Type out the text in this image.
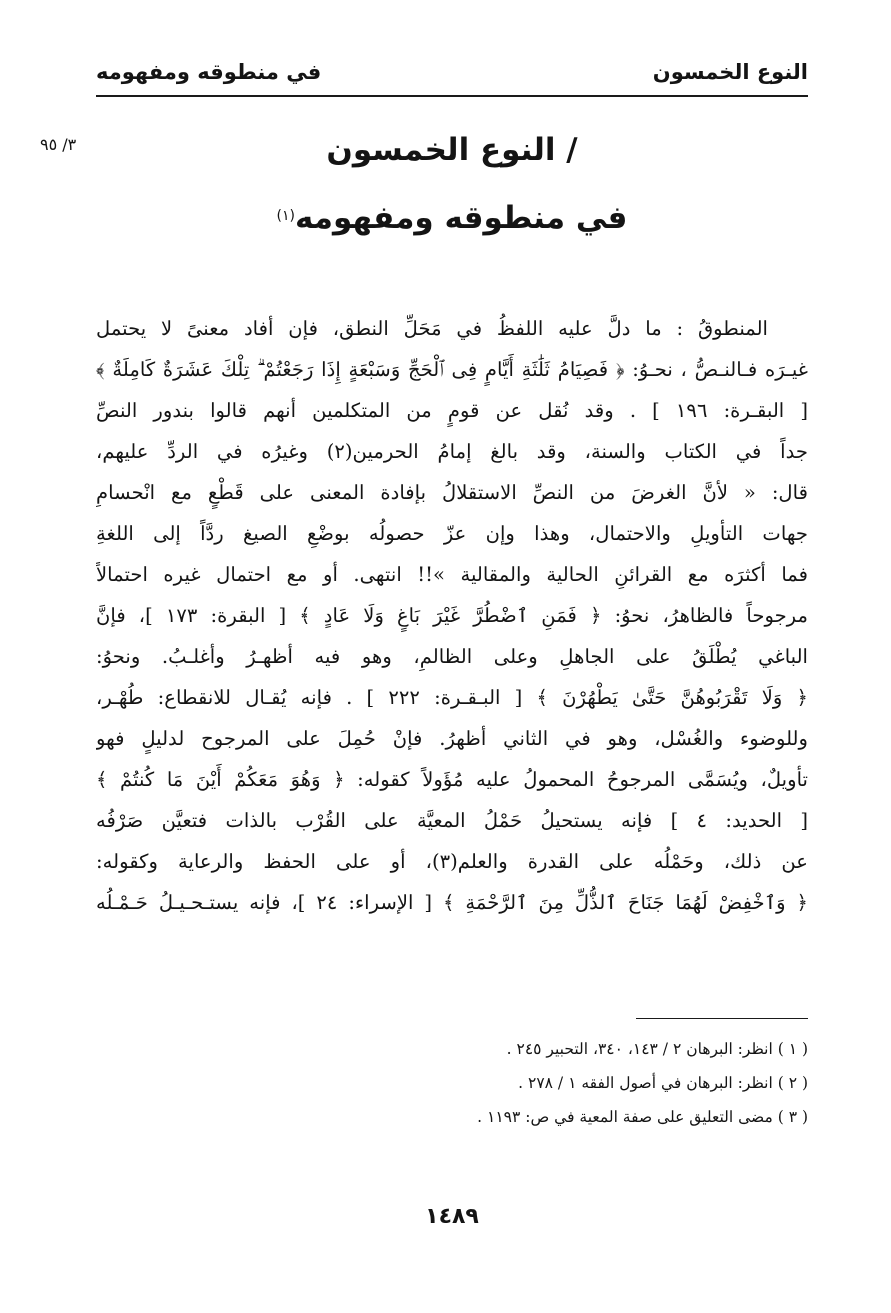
النوع الخمسون
في منطوقه ومفهومه
٣/ ٩٥	/ النوع الخمسون
في منطوقه ومفهومه$^{(١)}$
المنطوقُ : ما دلَّ عليه اللفظُ في مَحَلِّ النطق، فإن أفاد معنىً لا يحتمل
غيـرَه فـالنـصُّ ، نحـوُ: ﴿ فَصِيَامُ ثَلَٰثَةِ أَيَّامٍ فِى ٱلْحَجِّ وَسَبْعَةٍ إِذَا رَجَعْتُمْ ۗ تِلْكَ عَشَرَةٌ كَامِلَةٌ ﴾
[ البقـرة: ١٩٦ ] . وقد نُقل عن قومٍ من المتكلمين أنهم قالوا بندور النصِّ
جداً في الكتاب والسنة، وقد بالغ إمامُ الحرمين(٢) وغيرُه في الردِّ عليهم،
قال: « لأنَّ الغرضَ من النصِّ الاستقلالُ بإفادة المعنى على قَطْعٍ مع انْحسامِ
جهات التأويلِ والاحتمال، وهذا وإن عزّ حصولُه بوضْعِ الصيغ ردَّاً إلى اللغةِ
فما أكثرَه مع القرائنِ الحالية والمقالية »!! انتهى. أو مع احتمال غيره احتمالاً
مرجوحاً فالظاهرُ، نحوُ: ﴿ فَمَنِ ٱضْطُرَّ غَيْرَ بَاغٍ وَلَا عَادٍ ﴾ [ البقرة: ١٧٣ ]، فإنَّ
الباغي يُطْلَقُ على الجاهلِ وعلى الظالمِ، وهو فيه أظهـرُ وأغلـبُ. ونحوُ:
﴿ وَلَا تَقْرَبُوهُنَّ حَتَّىٰ يَطْهُرْنَ ﴾ [ البـقـرة: ٢٢٢ ] . فإنه يُقـال للانقطاع: طُهْـر،
وللوضوء والغُسْل، وهو في الثاني أظهرُ. فإنْ حُمِلَ على المرجوح لدليلٍ فهو
تأويلٌ، ويُسَمَّى المرجوحُ المحمولُ عليه مُؤَولاً كقوله: ﴿ وَهُوَ مَعَكُمْ أَيْنَ مَا كُنتُمْ ﴾
[ الحديد: ٤ ] فإنه يستحيلُ حَمْلُ المعيَّة على القُرْب بالذات فتعيَّن صَرْفُه
عن ذلك، وحَمْلُه على القدرة والعلم(٣)، أو على الحفظ والرعاية وكقوله:
﴿ وَٱخْفِضْ لَهُمَا جَنَاحَ ٱلذُّلِّ مِنَ ٱلرَّحْمَةِ ﴾ [ الإسراء: ٢٤ ]، فإنه يستـحـيـلُ حَـمْـلُه
( ١ ) انظر: البرهان ٢ / ١٤٣، ٣٤٠، التحبير ٢٤٥ .
( ٢ ) انظر: البرهان في أصول الفقه ١ / ٢٧٨ .
( ٣ ) مضى التعليق على صفة المعية في ص: ١١٩٣ .
١٤٨٩
